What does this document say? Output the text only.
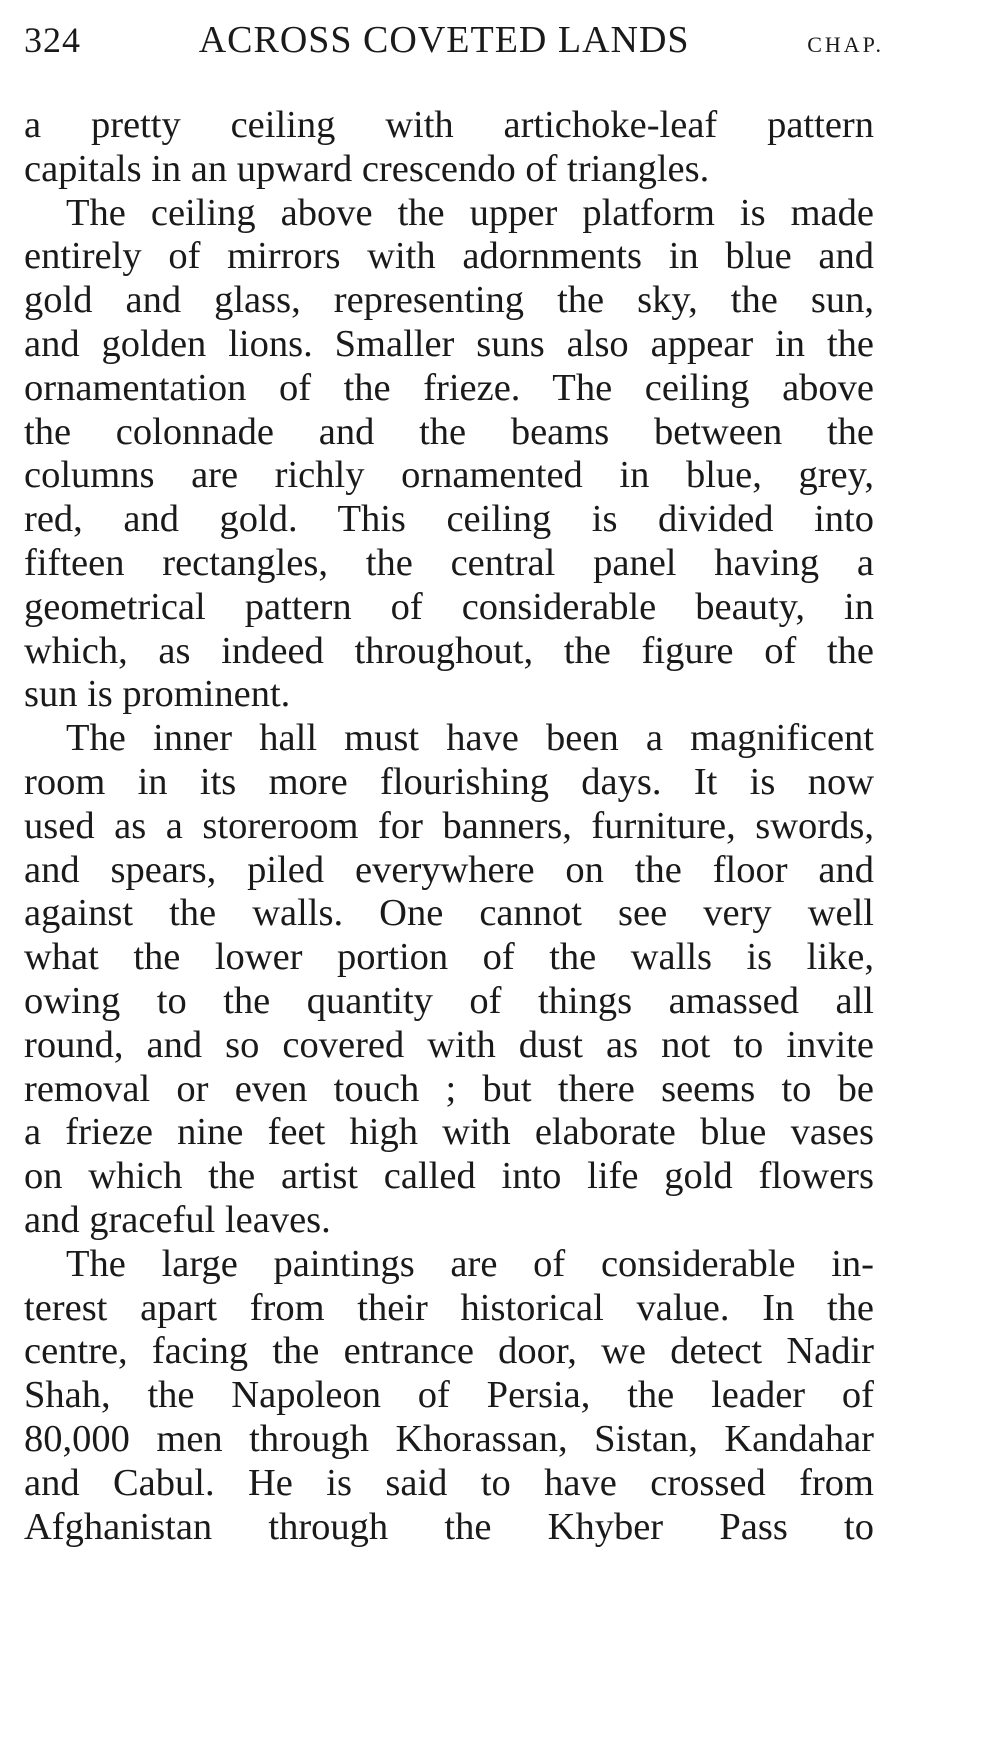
324	ACROSS COVETED LANDS	CHAP.
a pretty ceiling with artichoke-leaf pattern
capitals in an upward crescendo of triangles.
The ceiling above the upper platform is made
entirely of mirrors with adornments in blue and
gold and glass, representing the sky, the sun,
and golden lions. Smaller suns also appear in the
ornamentation of the frieze. The ceiling above
the colonnade and the beams between the
columns are richly ornamented in blue, grey,
red, and gold. This ceiling is divided into
fifteen rectangles, the central panel having a
geometrical pattern of considerable beauty, in
which, as indeed throughout, the figure of the
sun is prominent.
The inner hall must have been a magnificent
room in its more flourishing days. It is now
used as a storeroom for banners, furniture, swords,
and spears, piled everywhere on the floor and
against the walls. One cannot see very well
what the lower portion of the walls is like,
owing to the quantity of things amassed all
round, and so covered with dust as not to invite
removal or even touch ; but there seems to be
a frieze nine feet high with elaborate blue vases
on which the artist called into life gold flowers
and graceful leaves.
The large paintings are of considerable in-
terest apart from their historical value. In the
centre, facing the entrance door, we detect Nadir
Shah, the Napoleon of Persia, the leader of
80,000 men through Khorassan, Sistan, Kandahar
and Cabul. He is said to have crossed from
Afghanistan through the Khyber Pass to
